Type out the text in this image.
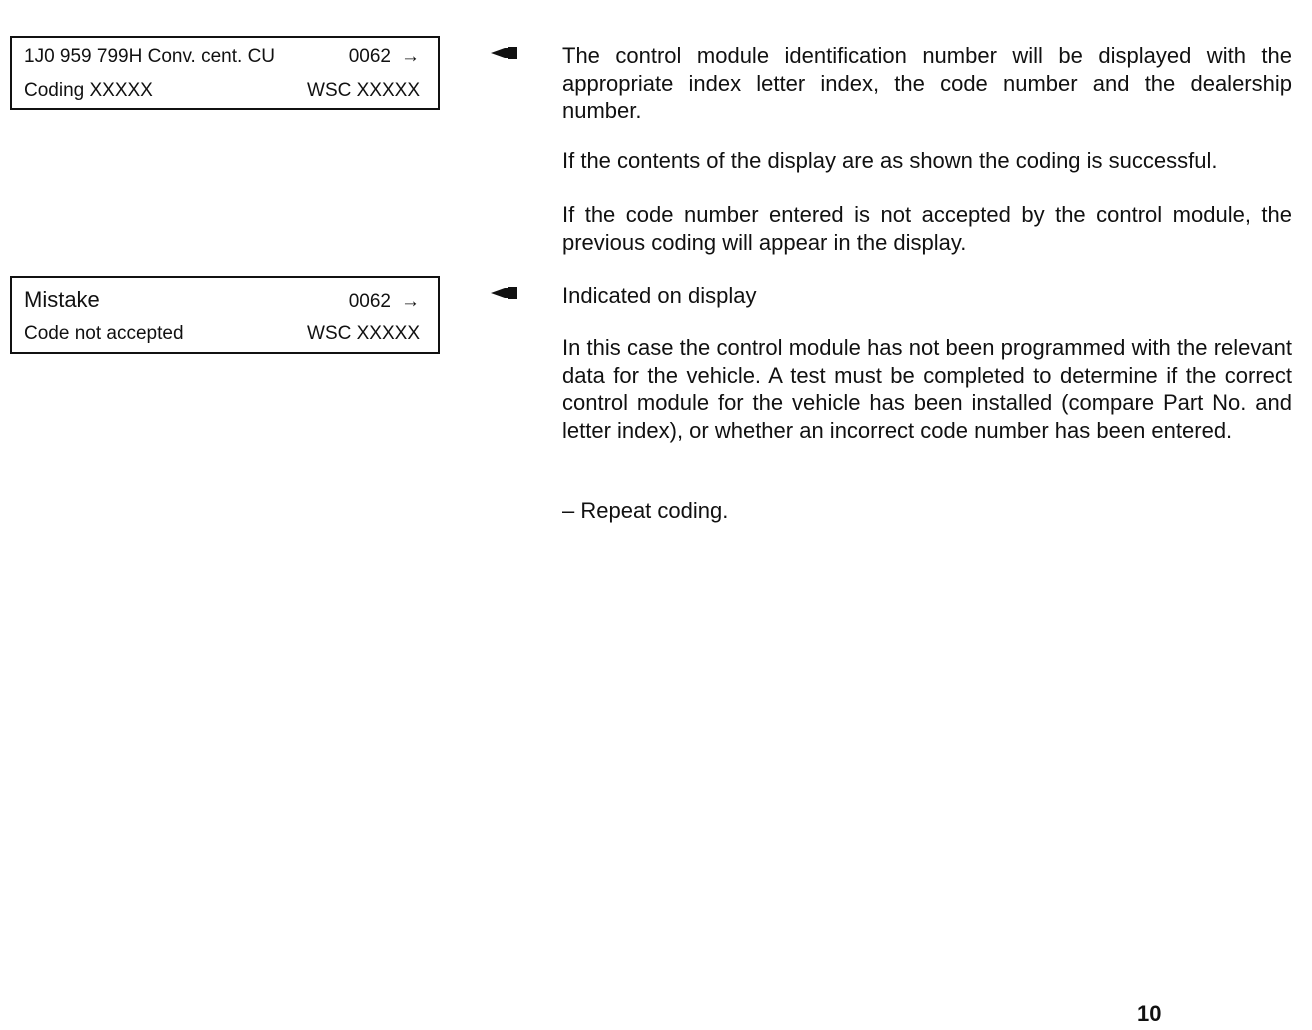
1J0 959 799H Conv. cent. CU	0062 →
Coding XXXXX	WSC XXXXX
Mistake	0062 →
Code not accepted	WSC XXXXX

The control module identification number will be displayed with the appropriate index letter index, the code number and the dealership number.

If the contents of the display are as shown the coding is successful.

If the code number entered is not accepted by the control module, the previous coding will appear in the display.

Indicated on display

In this case the control module has not been programmed with the relevant data for the vehicle. A test must be completed to determine if the correct control module for the vehicle has been installed (compare Part No. and letter index), or whether an incorrect code number has been entered.

– Repeat coding.

10
